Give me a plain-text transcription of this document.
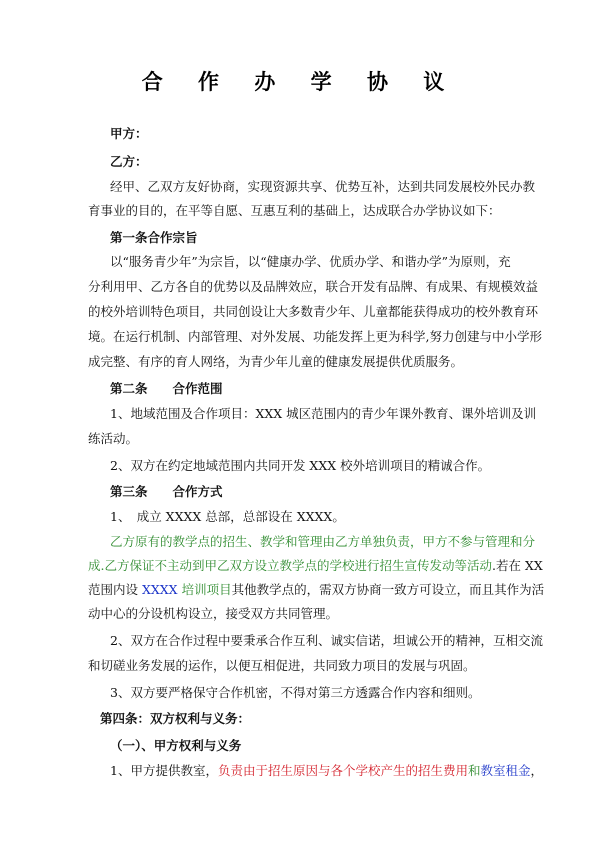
合 作 办 学 协 议
甲方：
乙方：
经甲、乙双方友好协商，实现资源共享、优势互补，达到共同发展校外民办教
育事业的目的，在平等自愿、互惠互利的基础上，达成联合办学协议如下：
第一条合作宗旨
以“服务青少年”为宗旨，以“健康办学、优质办学、和谐办学”为原则，充
分利用甲、乙方各自的优势以及品牌效应，联合开发有品牌、有成果、有规模效益
的校外培训特色项目，共同创设让大多数青少年、儿童都能获得成功的校外教育环
境。在运行机制、内部管理、对外发展、功能发挥上更为科学,努力创建与中小学形
成完整、有序的育人网络，为青少年儿童的健康发展提供优质服务。
第二条　　合作范围
1、地域范围及合作项目：XXX 城区范围内的青少年课外教育、课外培训及训
练活动。
2、双方在约定地域范围内共同开发 XXX 校外培训项目的精诚合作。
第三条　　合作方式
1、　成立 XXXX 总部，总部设在 XXXX。
乙方原有的教学点的招生、教学和管理由乙方单独负责，甲方不参与管理和分
成.乙方保证不主动到甲乙双方设立教学点的学校进行招生宣传发动等活动.若在 XX
范围内设 XXXX 培训项目其他教学点的，需双方协商一致方可设立，而且其作为活
动中心的分设机构设立，接受双方共同管理。
2、双方在合作过程中要秉承合作互利、诚实信诺，坦诚公开的精神，互相交流
和切磋业务发展的运作，以便互相促进，共同致力项目的发展与巩固。
3、双方要严格保守合作机密，不得对第三方透露合作内容和细则。
第四条：双方权利与义务：
（一）、甲方权利与义务
1、甲方提供教室，负责由于招生原因与各个学校产生的招生费用和教室租金，
